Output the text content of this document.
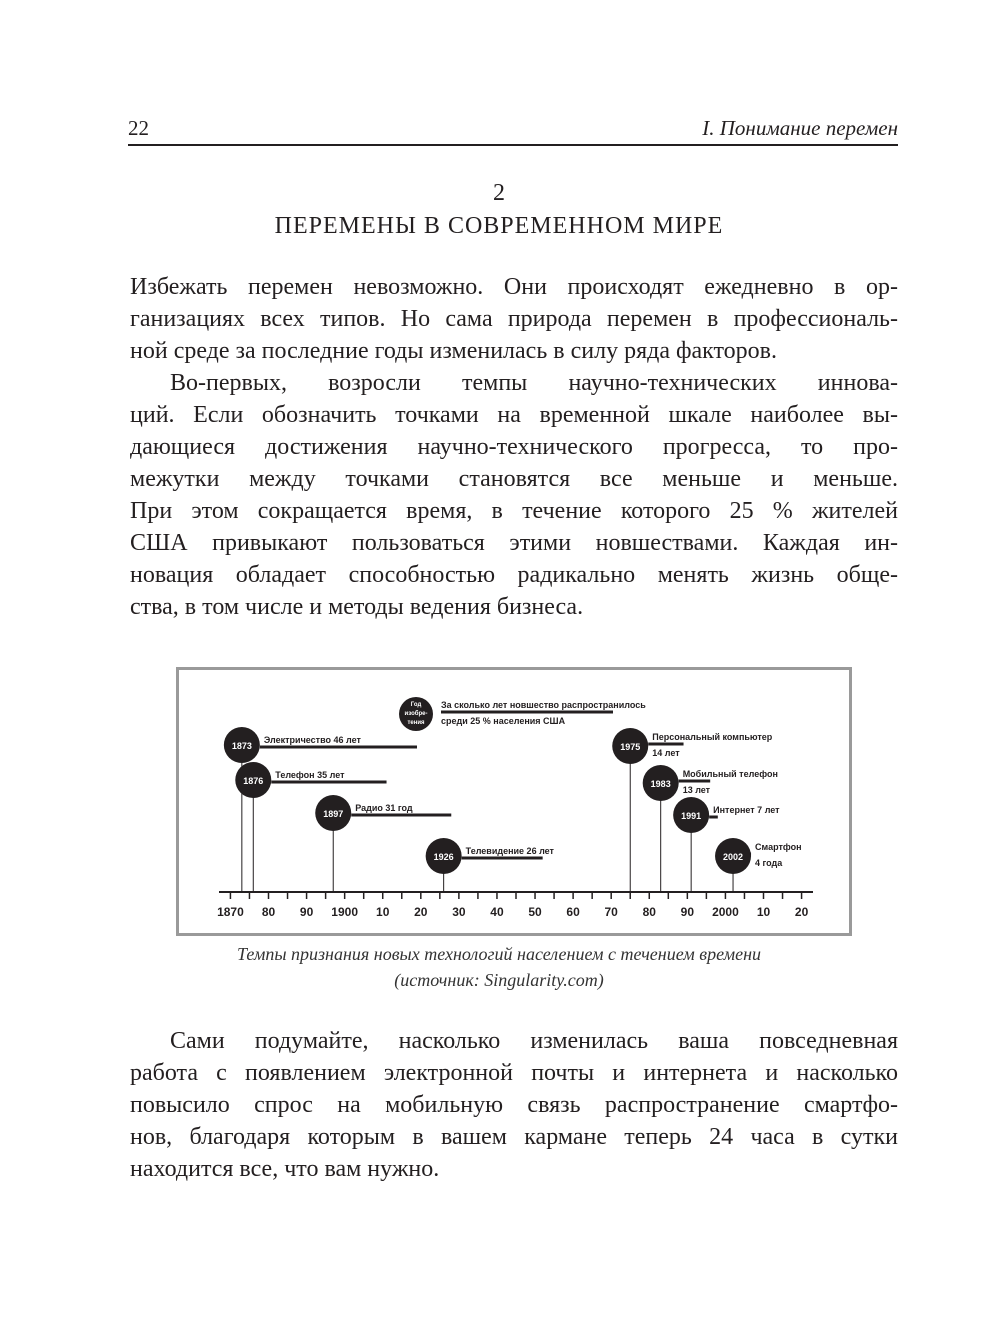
22	I. Понимание перемен
2
ПЕРЕМЕНЫ В СОВРЕМЕННОМ МИРЕ
Избежать перемен невозможно. Они происходят ежедневно в ор-
ганизациях всех типов. Но сама природа перемен в профессиональ-
ной среде за последние годы изменилась в силу ряда факторов.
Во-первых, возросли темпы научно-технических иннова-
ций. Если обозначить точками на временной шкале наиболее вы-
дающиеся достижения научно-технического прогресса, то про-
межутки между точками становятся все меньше и меньше.
При этом сокращается время, в течение которого 25 % жителей
США привыкают пользоваться этими новшествами. Каждая ин-
новация обладает способностью радикально менять жизнь обще-
ства, в том числе и методы ведения бизнеса.
Год
изобре-
тения
За сколько лет новшество распространилось
среди 25 % населения США
1870 80 90 1900 10 20 30 40 50 60 70 80 90 2000 10 20
1873
Электричество 46 лет
1876
Телефон 35 лет
1897
Радио 31 год
1926
Телевидение 26 лет
1975
Персональный компьютер
14 лет
1983
Мобильный телефон
13 лет
1991
Интернет 7 лет
2002
Смартфон
4 года
Темпы признания новых технологий населением с течением времени
(источник: Singularity.com)
Сами подумайте, насколько изменилась ваша повседневная
работа с появлением электронной почты и интернета и насколько
повысило спрос на мобильную связь распространение смартфо-
нов, благодаря которым в вашем кармане теперь 24 часа в сутки
находится все, что вам нужно.
